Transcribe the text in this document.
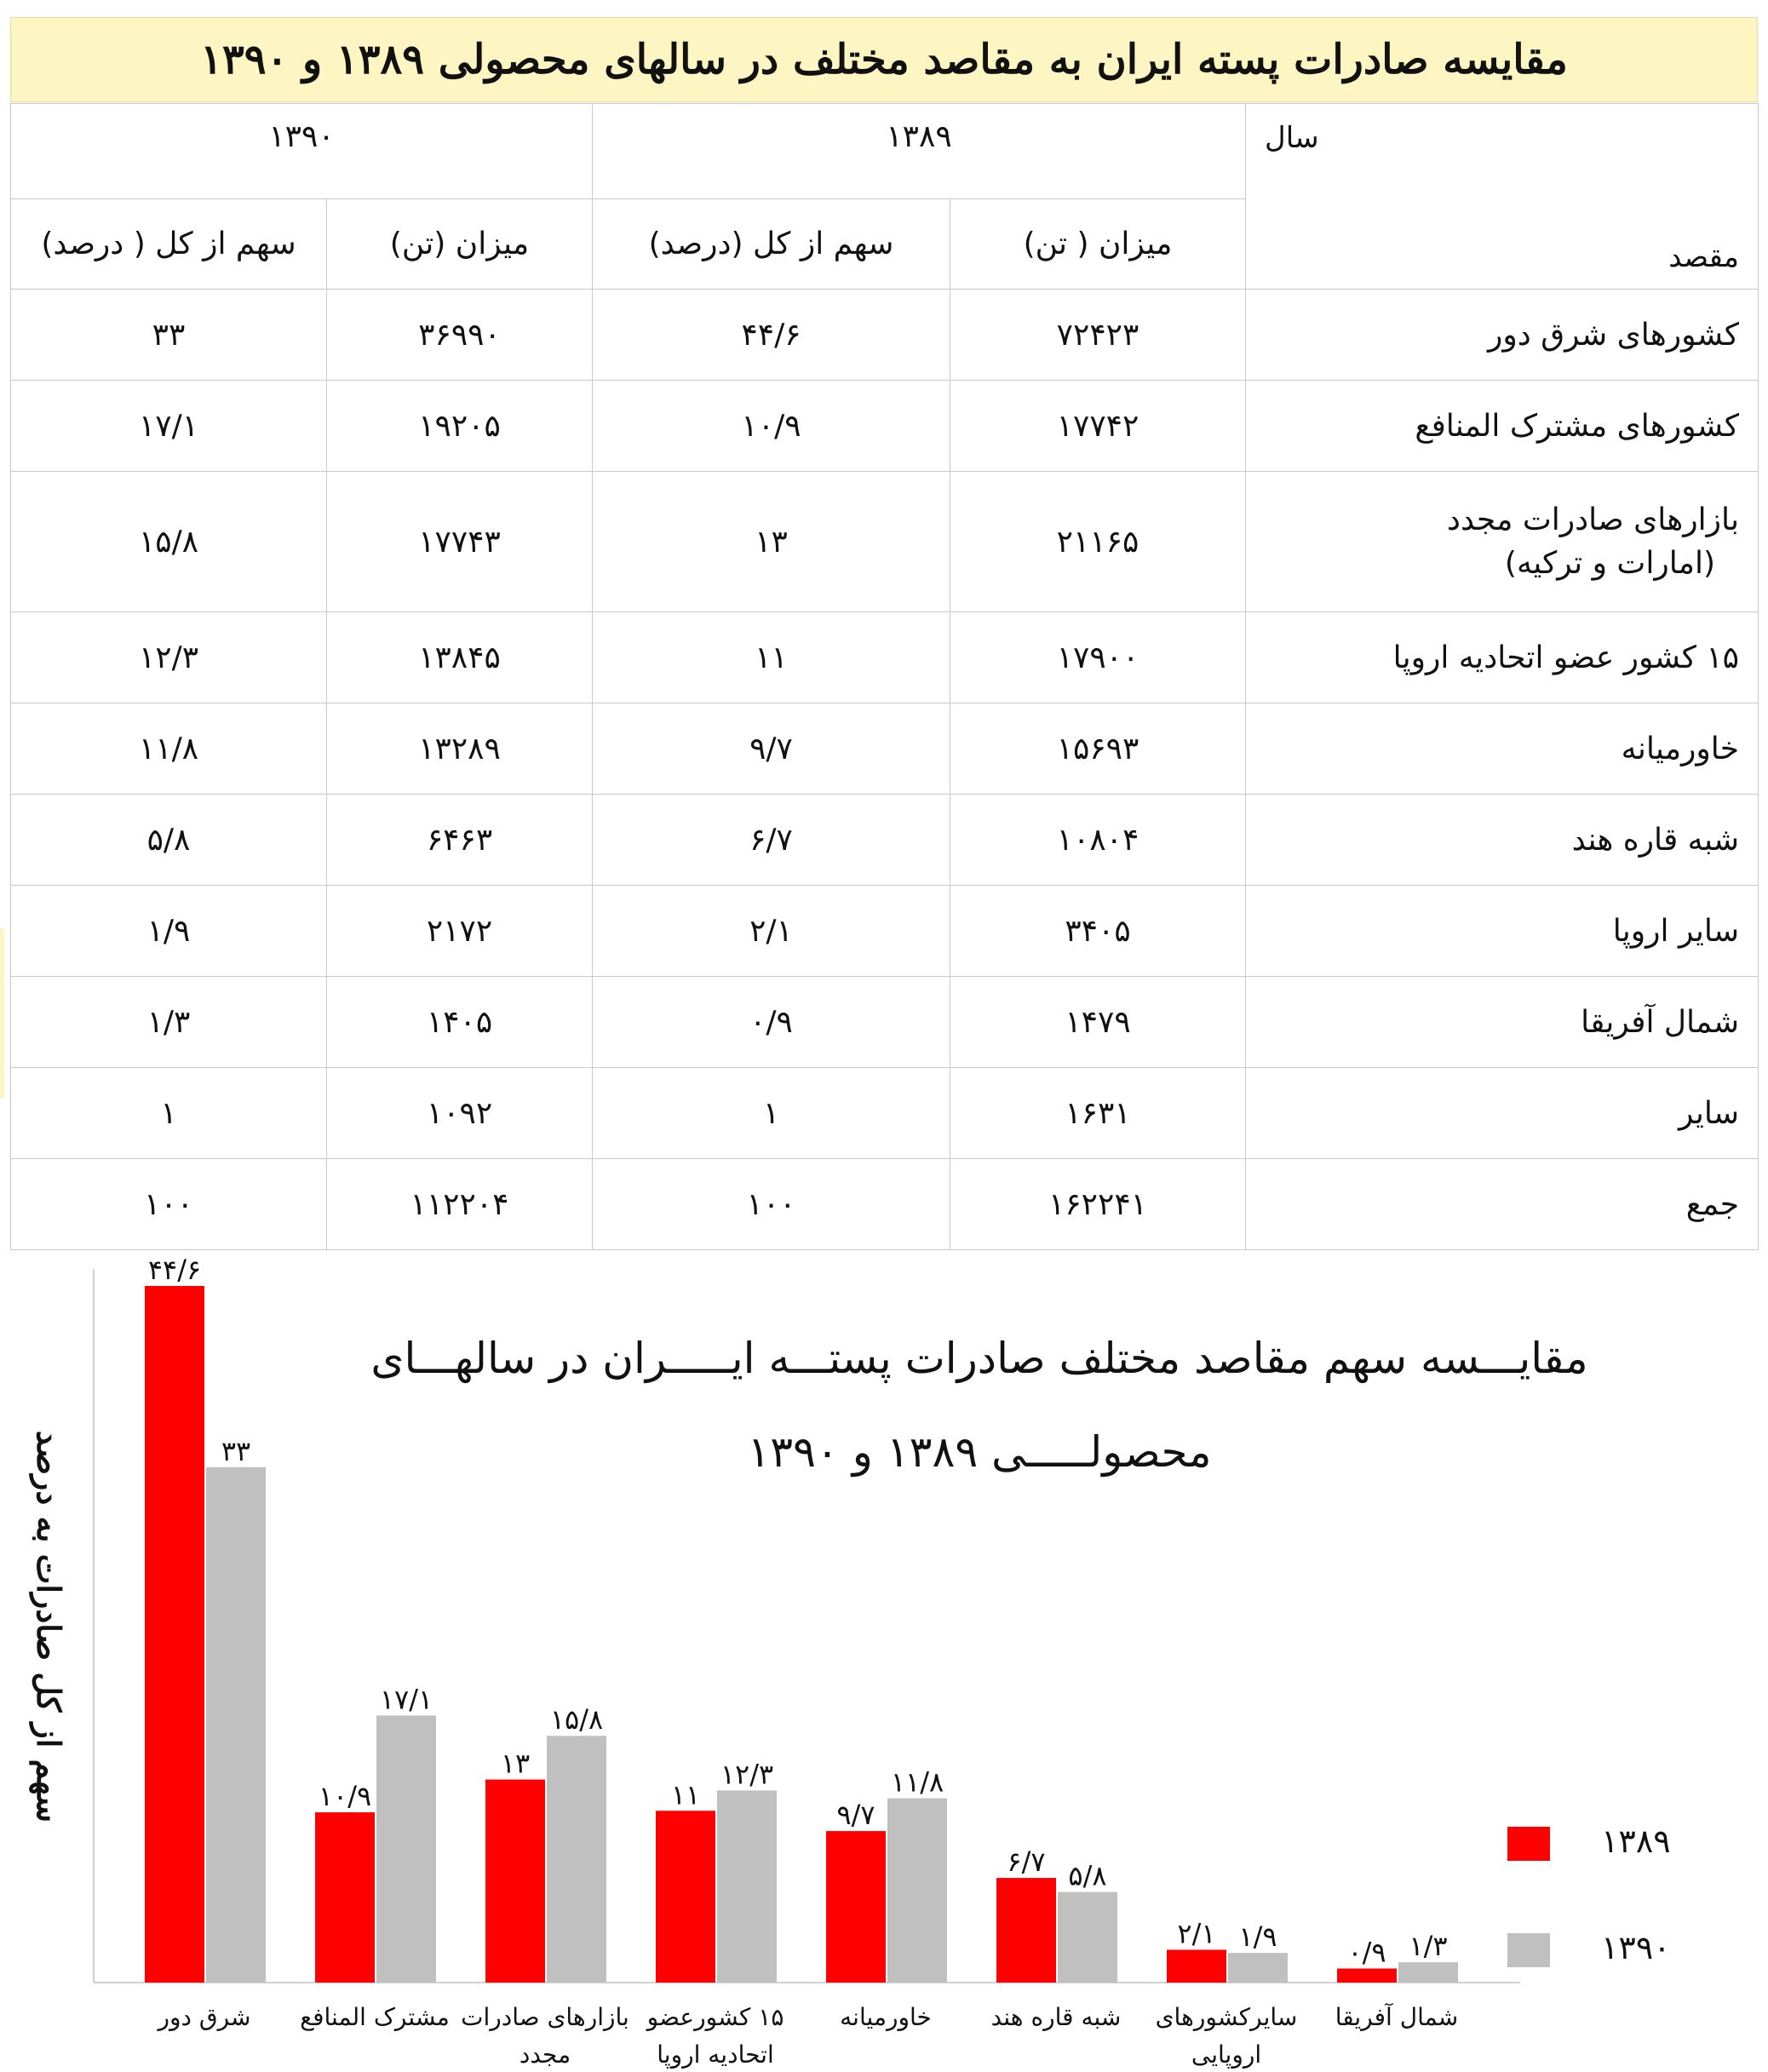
مقایسه صادرات پسته ایران به مقاصد مختلف در سالهای محصولی ۱۳۸۹ و ۱۳۹۰
سال
مقصد	۱۳۸۹		۱۳۹۰	
	میزان ( تن)	سهم از کل (درصد)	میزان (تن)	سهم از کل ( درصد)
کشورهای شرق دور	۷۲۴۲۳	۴۴/۶	۳۶۹۹۰	۳۳
کشورهای مشترک المنافع	۱۷۷۴۲	۱۰/۹	۱۹۲۰۵	۱۷/۱

بازارهای صادرات مجدد
(امارات و ترکیه)	۲۱۱۶۵	۱۳	۱۷۷۴۳	۱۵/۸
۱۵ کشور عضو اتحادیه اروپا	۱۷۹۰۰	۱۱	۱۳۸۴۵	۱۲/۳
خاورمیانه	۱۵۶۹۳	۹/۷	۱۳۲۸۹	۱۱/۸
شبه قاره هند	۱۰۸۰۴	۶/۷	۶۴۶۳	۵/۸
سایر اروپا	۳۴۰۵	۲/۱	۲۱۷۲	۱/۹
شمال آفریقا	۱۴۷۹	۰/۹	۱۴۰۵	۱/۳
سایر	۱۶۳۱	۱	۱۰۹۲	۱
جمع	۱۶۲۲۴۱	۱۰۰	۱۱۲۲۰۴	۱۰۰
۴۴/۶
۳۳
شرق دور
۱۰/۹
۱۷/۱
مشترک المنافع
۱۳
۱۵/۸
بازارهای صادرات
مجدد
۱۱
۱۲/۳
۱۵ کشورعضو
اتحادیه اروپا
۹/۷
۱۱/۸
خاورمیانه
۶/۷ ۵/۸
شبه قاره هند
۲/۱ ۱/۹
سایرکشورهای
اروپایی
۰/۹ ۱/۳
شمال آفریقا
مقایـــسه سهم مقاصد مختلف صادرات پستـــه ایـــــران در سالهـــای
محصولـــــی ۱۳۸۹ و ۱۳۹۰
سهم از کل صادرات به درصد
۱۳۸۹
۱۳۹۰
